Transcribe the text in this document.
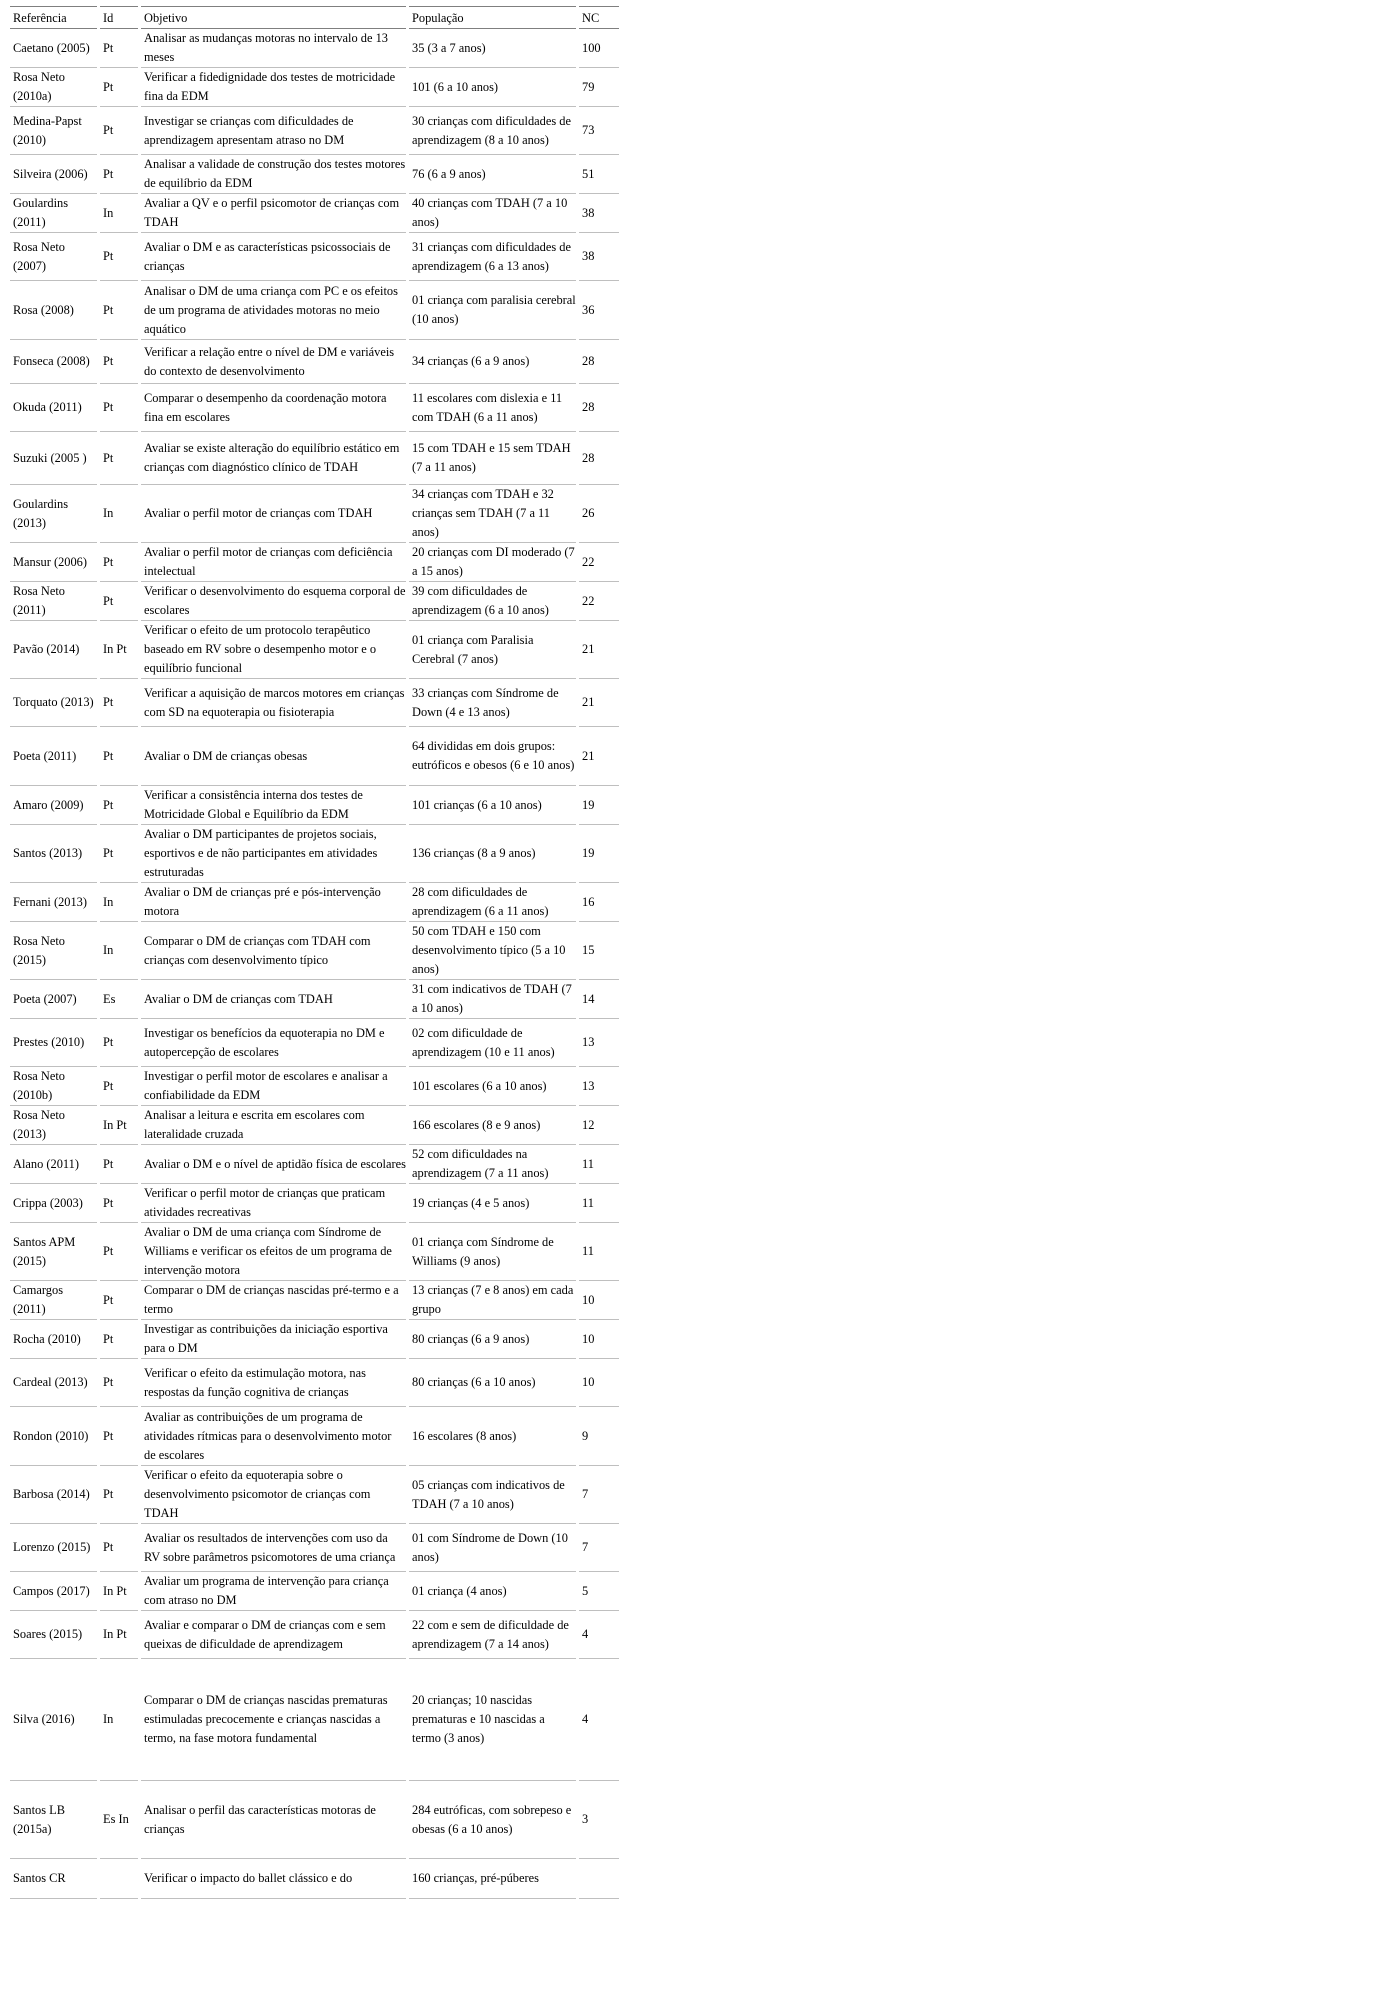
Referência	Id	Objetivo	População	NC
Caetano (2005)	Pt	Analisar as mudanças motoras no intervalo de 13 meses	35 (3 a 7 anos)	100
Rosa Neto (2010a)	Pt	Verificar a fidedignidade dos testes de motricidade fina da EDM	101 (6 a 10 anos)	79
Medina-Papst (2010)	Pt	Investigar se crianças com dificuldades de aprendizagem apresentam atraso no DM	30 crianças com dificuldades de aprendizagem (8 a 10 anos)	73
Silveira (2006)	Pt	Analisar a validade de construção dos testes motores de equilíbrio da EDM	76 (6 a 9 anos)	51
Goulardins (2011)	In	Avaliar a QV e o perfil psicomotor de crianças com TDAH	40 crianças com TDAH (7 a 10 anos)	38
Rosa Neto (2007)	Pt	Avaliar o DM e as características psicossociais de crianças	31 crianças com dificuldades de aprendizagem (6 a 13 anos)	38
Rosa (2008)	Pt	Analisar o DM de uma criança com PC e os efeitos de um programa de atividades motoras no meio aquático	01 criança com paralisia cerebral (10 anos)	36
Fonseca (2008)	Pt	Verificar a relação entre o nível de DM e variáveis do contexto de desenvolvimento	34 crianças (6 a 9 anos)	28
Okuda (2011)	Pt	Comparar o desempenho da coordenação motora fina em escolares	11 escolares com dislexia e 11 com TDAH (6 a 11 anos)	28
Suzuki (2005 )	Pt	Avaliar se existe alteração do equilíbrio estático em crianças com diagnóstico clínico de TDAH	15 com TDAH e 15 sem TDAH (7 a 11 anos)	28
Goulardins (2013)	In	Avaliar o perfil motor de crianças com TDAH	34 crianças com TDAH e 32 crianças sem TDAH (7 a 11 anos)	26
Mansur (2006)	Pt	Avaliar o perfil motor de crianças com deficiência intelectual	20 crianças com DI moderado (7 a 15 anos)	22
Rosa Neto (2011)	Pt	Verificar o desenvolvimento do esquema corporal de escolares	39 com dificuldades de aprendizagem (6 a 10 anos)	22
Pavão (2014)	In Pt	Verificar o efeito de um protocolo terapêutico baseado em RV sobre o desempenho motor e o equilíbrio funcional	01 criança com Paralisia Cerebral (7 anos)	21
Torquato (2013)	Pt	Verificar a aquisição de marcos motores em crianças com SD na equoterapia ou fisioterapia	33 crianças com Síndrome de Down (4 e 13 anos)	21
Poeta (2011)	Pt	Avaliar o DM de crianças obesas	64 divididas em dois grupos: eutróficos e obesos (6 e 10 anos)	21
Amaro (2009)	Pt	Verificar a consistência interna dos testes de Motricidade Global e Equilíbrio da EDM	101 crianças (6 a 10 anos)	19
Santos (2013)	Pt	Avaliar o DM participantes de projetos sociais, esportivos e de não participantes em atividades estruturadas	136 crianças (8 a 9 anos)	19
Fernani (2013)	In	Avaliar o DM de crianças pré e pós-intervenção motora	28 com dificuldades de aprendizagem (6 a 11 anos)	16
Rosa Neto (2015)	In	Comparar o DM de crianças com TDAH com crianças com desenvolvimento típico	50 com TDAH e 150 com desenvolvimento típico (5 a 10 anos)	15
Poeta (2007)	Es	Avaliar o DM de crianças com TDAH	31 com indicativos de TDAH (7 a 10 anos)	14
Prestes (2010)	Pt	Investigar os benefícios da equoterapia no DM e autopercepção de escolares	02 com dificuldade de aprendizagem (10 e 11 anos)	13
Rosa Neto (2010b)	Pt	Investigar o perfil motor de escolares e analisar a confiabilidade da EDM	101 escolares (6 a 10 anos)	13
Rosa Neto (2013)	In Pt	Analisar a leitura e escrita em escolares com lateralidade cruzada	166 escolares (8 e 9 anos)	12
Alano (2011)	Pt	Avaliar o DM e o nível de aptidão física de escolares	52 com dificuldades na aprendizagem (7 a 11 anos)	11
Crippa (2003)	Pt	Verificar o perfil motor de crianças que praticam atividades recreativas	19 crianças (4 e 5 anos)	11
Santos APM (2015)	Pt	Avaliar o DM de uma criança com Síndrome de Williams e verificar os efeitos de um programa de intervenção motora	01 criança com Síndrome de Williams (9 anos)	11
Camargos (2011)	Pt	Comparar o DM de crianças nascidas pré-termo e a termo	13 crianças (7 e 8 anos) em cada grupo	10
Rocha (2010)	Pt	Investigar as contribuições da iniciação esportiva para o DM	80 crianças (6 a 9 anos)	10
Cardeal (2013)	Pt	Verificar o efeito da estimulação motora, nas respostas da função cognitiva de crianças	80 crianças (6 a 10 anos)	10
Rondon (2010)	Pt	Avaliar as contribuições de um programa de atividades rítmicas para o desenvolvimento motor de escolares	16 escolares (8 anos)	9
Barbosa (2014)	Pt	Verificar o efeito da equoterapia sobre o desenvolvimento psicomotor de crianças com TDAH	05 crianças com indicativos de TDAH (7 a 10 anos)	7
Lorenzo (2015)	Pt	Avaliar os resultados de intervenções com uso da RV sobre parâmetros psicomotores de uma criança	01 com Síndrome de Down (10 anos)	7
Campos (2017)	In Pt	Avaliar um programa de intervenção para criança com atraso no DM	01 criança (4 anos)	5
Soares (2015)	In Pt	Avaliar e comparar o DM de crianças com e sem queixas de dificuldade de aprendizagem	22 com e sem de dificuldade de aprendizagem (7 a 14 anos)	4
Silva (2016)	In	Comparar o DM de crianças nascidas prematuras estimuladas precocemente e crianças nascidas a termo, na fase motora fundamental	20 crianças; 10 nascidas prematuras e 10 nascidas a termo (3 anos)	4
Santos LB (2015a)	Es In	Analisar o perfil das características motoras de crianças	284 eutróficas, com sobrepeso e obesas (6 a 10 anos)	3
Santos CR		Verificar o impacto do ballet clássico e do	160 crianças, pré-púberes	
